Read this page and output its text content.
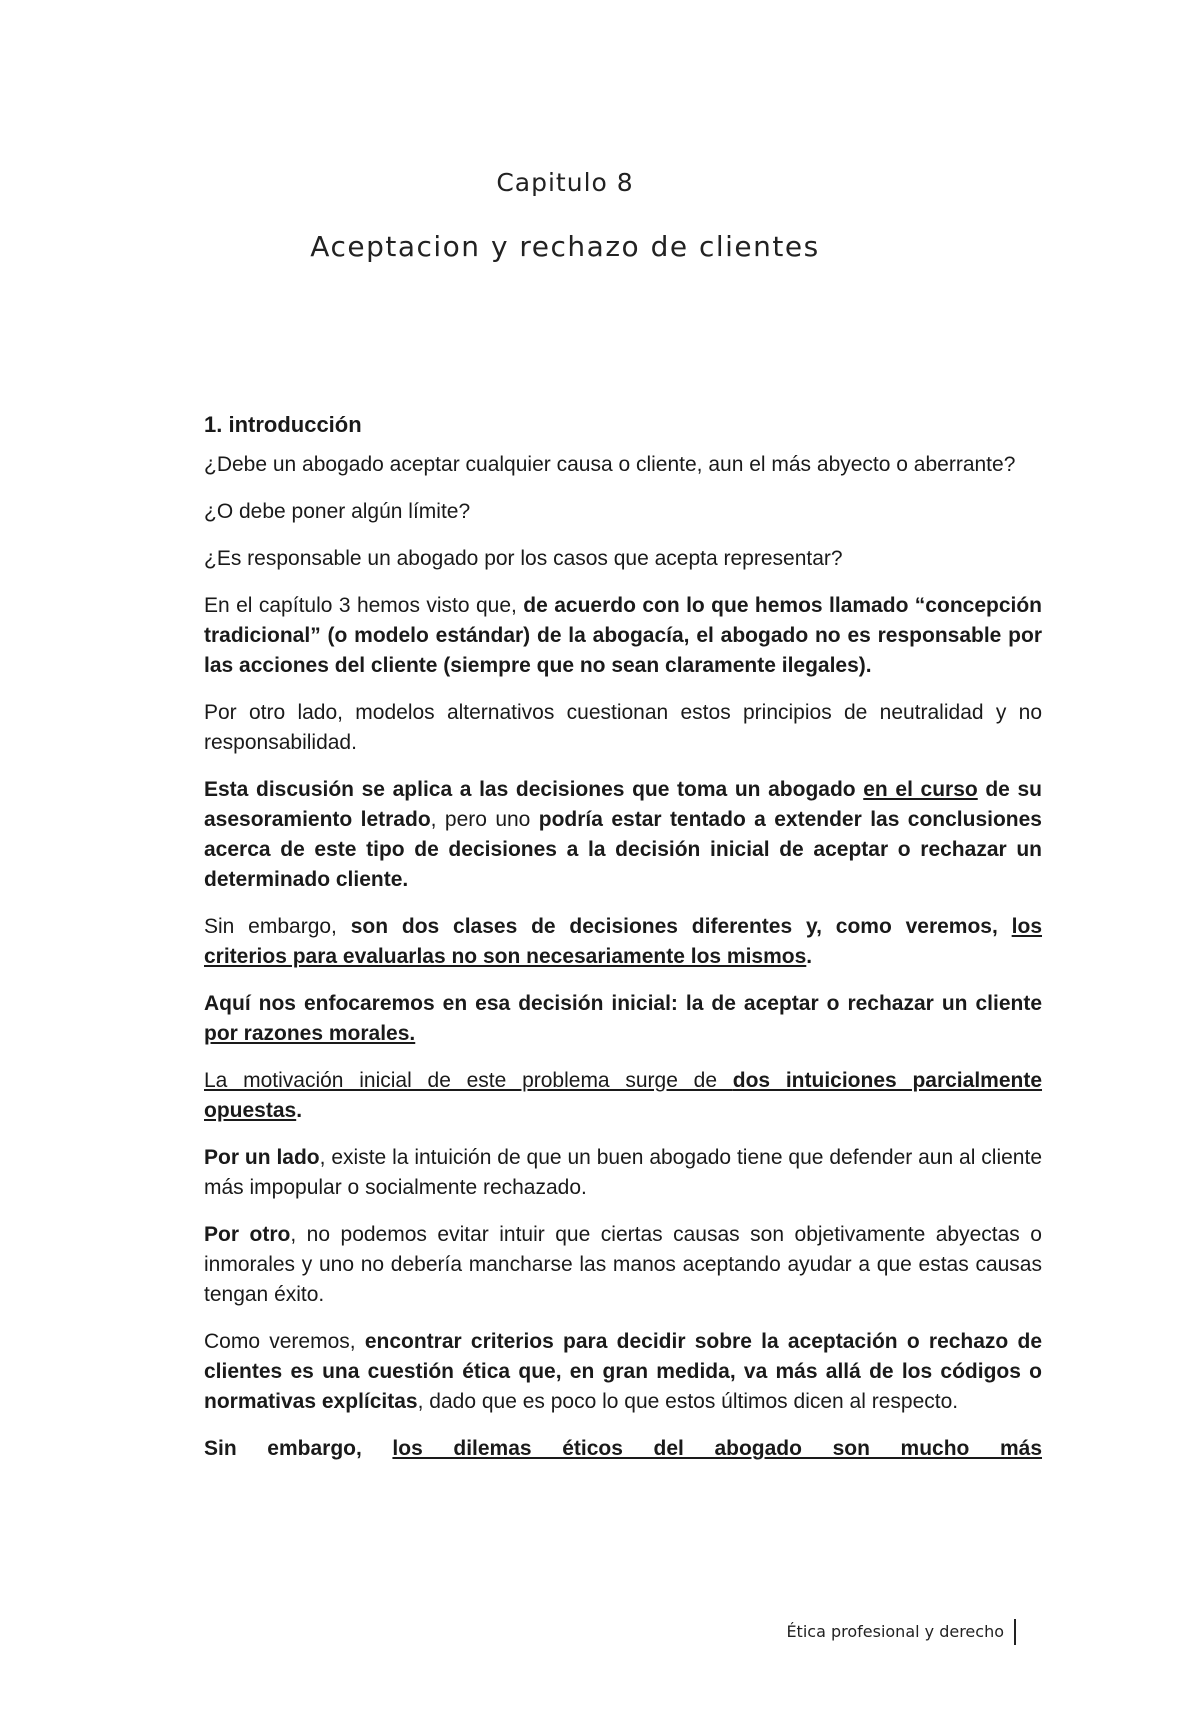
Capitulo 8
Aceptacion y rechazo de clientes
1. introducción

¿Debe un abogado aceptar cualquier causa o cliente, aun el más abyecto o aberrante?

¿O debe poner algún límite?

¿Es responsable un abogado por los casos que acepta representar?

En el capítulo 3 hemos visto que, de acuerdo con lo que hemos llamado “concepción tradicional” (o modelo estándar) de la abogacía, el abogado no es responsable por las acciones del cliente (siempre que no sean claramente ilegales).

Por otro lado, modelos alternativos cuestionan estos principios de neutralidad y no responsabilidad.

Esta discusión se aplica a las decisiones que toma un abogado en el curso de su asesoramiento letrado, pero uno podría estar tentado a extender las conclusiones acerca de este tipo de decisiones a la decisión inicial de aceptar o rechazar un determinado cliente.

Sin embargo, son dos clases de decisiones diferentes y, como veremos, los criterios para evaluarlas no son necesariamente los mismos.

Aquí nos enfocaremos en esa decisión inicial: la de aceptar o rechazar un cliente por razones morales.

La motivación inicial de este problema surge de dos intuiciones parcialmente opuestas.

Por un lado, existe la intuición de que un buen abogado tiene que defender aun al cliente más impopular o socialmente rechazado.

Por otro, no podemos evitar intuir que ciertas causas son objetivamente abyectas o inmorales y uno no debería mancharse las manos aceptando ayudar a que estas causas tengan éxito.

Como veremos, encontrar criterios para decidir sobre la aceptación o rechazo de clientes es una cuestión ética que, en gran medida, va más allá de los códigos o normativas explícitas, dado que es poco lo que estos últimos dicen al respecto.

Sin embargo, los dilemas éticos del abogado son mucho más

Ética profesional y derecho
